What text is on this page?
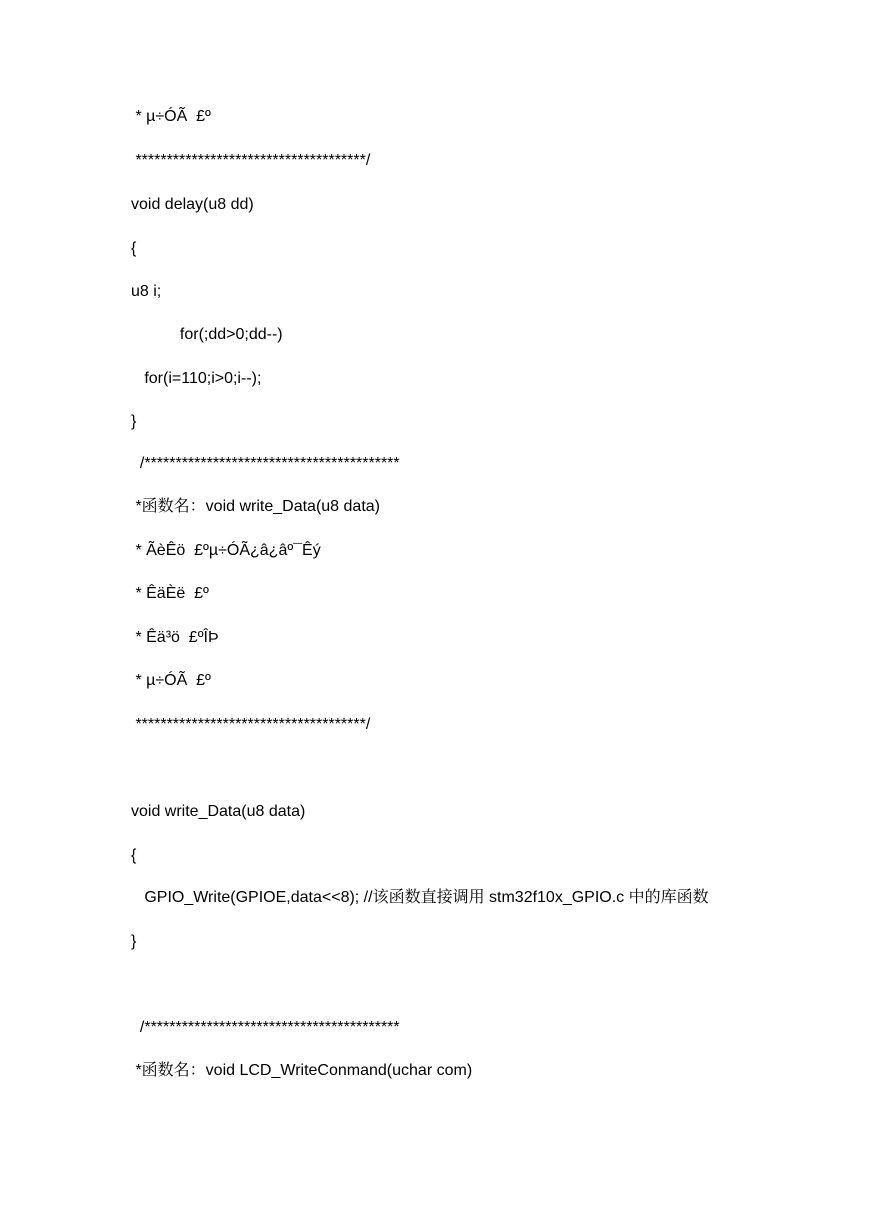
* µ÷ÓÃ  £º
*************************************/
void delay(u8 dd)
{
u8 i;
for(;dd>0;dd--)
for(i=110;i>0;i--);
}
/*****************************************
*函数名：void write_Data(u8 data)
* ÃèÊö  £ºµ÷ÓÃ¿â¿âº¯Êý
* ÊäÈë  £º
* Êä³ö  £ºÎÞ
* µ÷ÓÃ  £º
*************************************/
void write_Data(u8 data)
{
GPIO_Write(GPIOE,data<<8); //该函数直接调用 stm32f10x_GPIO.c 中的库函数
}
/*****************************************
*函数名：void LCD_WriteConmand(uchar com)
